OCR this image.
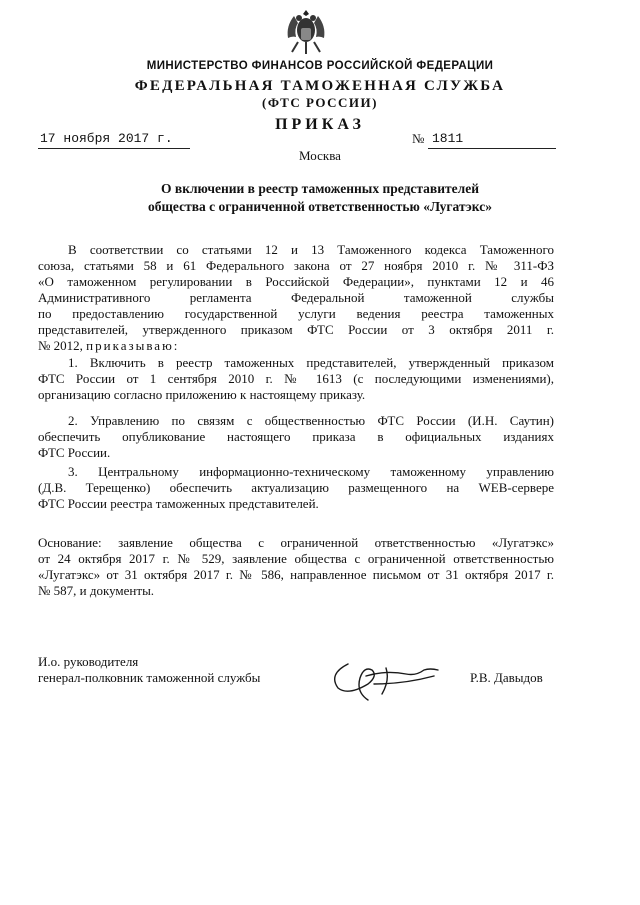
МИНИСТЕРСТВО ФИНАНСОВ РОССИЙСКОЙ ФЕДЕРАЦИИ
ФЕДЕРАЛЬНАЯ ТАМОЖЕННАЯ СЛУЖБА
(ФТС РОССИИ)
ПРИКАЗ
17 ноября 2017 г.	№ 1811
Москва
О включении в реестр таможенных представителей
общества с ограниченной ответственностью «Лугатэкс»
В соответствии со статьями 12 и 13 Таможенного кодекса Таможенного
союза, статьями 58 и 61 Федерального закона от 27 ноября 2010 г. № 311-ФЗ
«О таможенном регулировании в Российской Федерации», пунктами 12 и 46
Административного регламента Федеральной таможенной службы
по предоставлению государственной услуги ведения реестра таможенных
представителей, утвержденного приказом ФТС России от 3 октября 2011 г.
№ 2012, приказываю:
1. Включить в реестр таможенных представителей, утвержденный приказом
ФТС России от 1 сентября 2010 г. № 1613 (с последующими изменениями),
организацию согласно приложению к настоящему приказу.
2. Управлению по связям с общественностью ФТС России (И.Н. Саутин)
обеспечить опубликование настоящего приказа в официальных изданиях
ФТС России.
3. Центральному информационно-техническому таможенному управлению
(Д.В. Терещенко) обеспечить актуализацию размещенного на WEB-сервере
ФТС России реестра таможенных представителей.
Основание: заявление общества с ограниченной ответственностью «Лугатэкс»
от 24 октября 2017 г. № 529, заявление общества с ограниченной ответственностью
«Лугатэкс» от 31 октября 2017 г. № 586, направленное письмом от 31 октября 2017 г.
№ 587, и документы.
И.о. руководителя
генерал-полковник таможенной службы	Р.В. Давыдов
